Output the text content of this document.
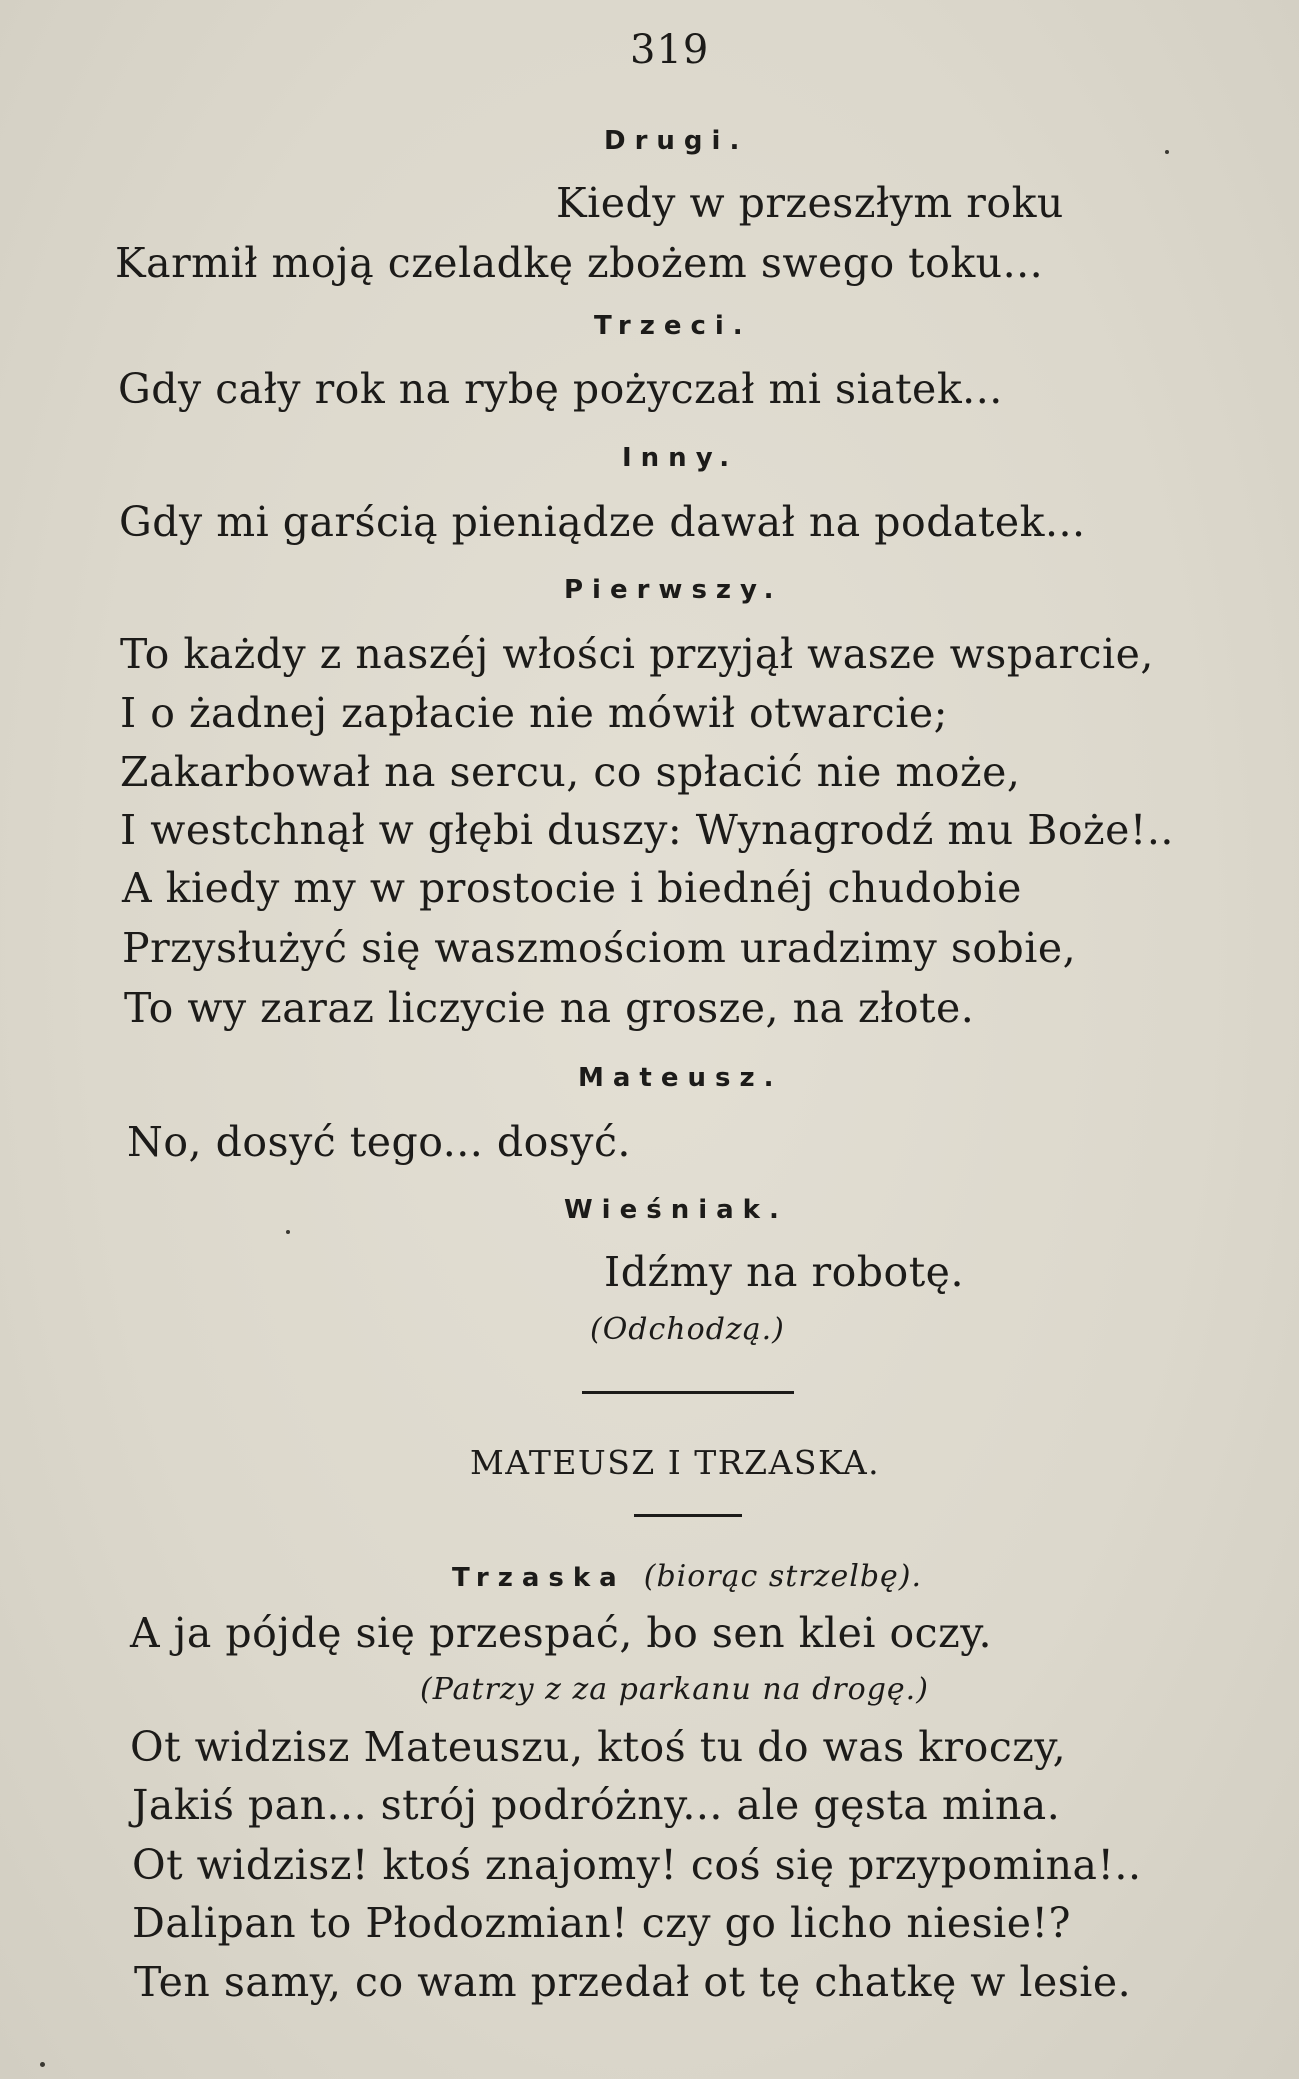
319
Drugi.
Kiedy w przeszłym roku
Karmił moją czeladkę zbożem swego toku...
Trzeci.
Gdy cały rok na rybę pożyczał mi siatek...
Inny.
Gdy mi garścią pieniądze dawał na podatek...
Pierwszy.
To każdy z naszéj włości przyjął wasze wsparcie,
I o żadnej zapłacie nie mówił otwarcie;
Zakarbował na sercu, co spłacić nie może,
I westchnął w głębi duszy: Wynagrodź mu Boże!..
A kiedy my w prostocie i biednéj chudobie
Przysłużyć się waszmościom uradzimy sobie,
To wy zaraz liczycie na grosze, na złote.
Mateusz.
No, dosyć tego... dosyć.
Wieśniak.
Idźmy na robotę.
(Odchodzą.)
MATEUSZ I TRZASKA.
Trzaska (biorąc strzelbę).
A ja pójdę się przespać, bo sen klei oczy.
(Patrzy z za parkanu na drogę.)
Ot widzisz Mateuszu, ktoś tu do was kroczy,
Jakiś pan... strój podróżny... ale gęsta mina.
Ot widzisz! ktoś znajomy! coś się przypomina!..
Dalipan to Płodozmian! czy go licho niesie!?
Ten samy, co wam przedał ot tę chatkę w lesie.
